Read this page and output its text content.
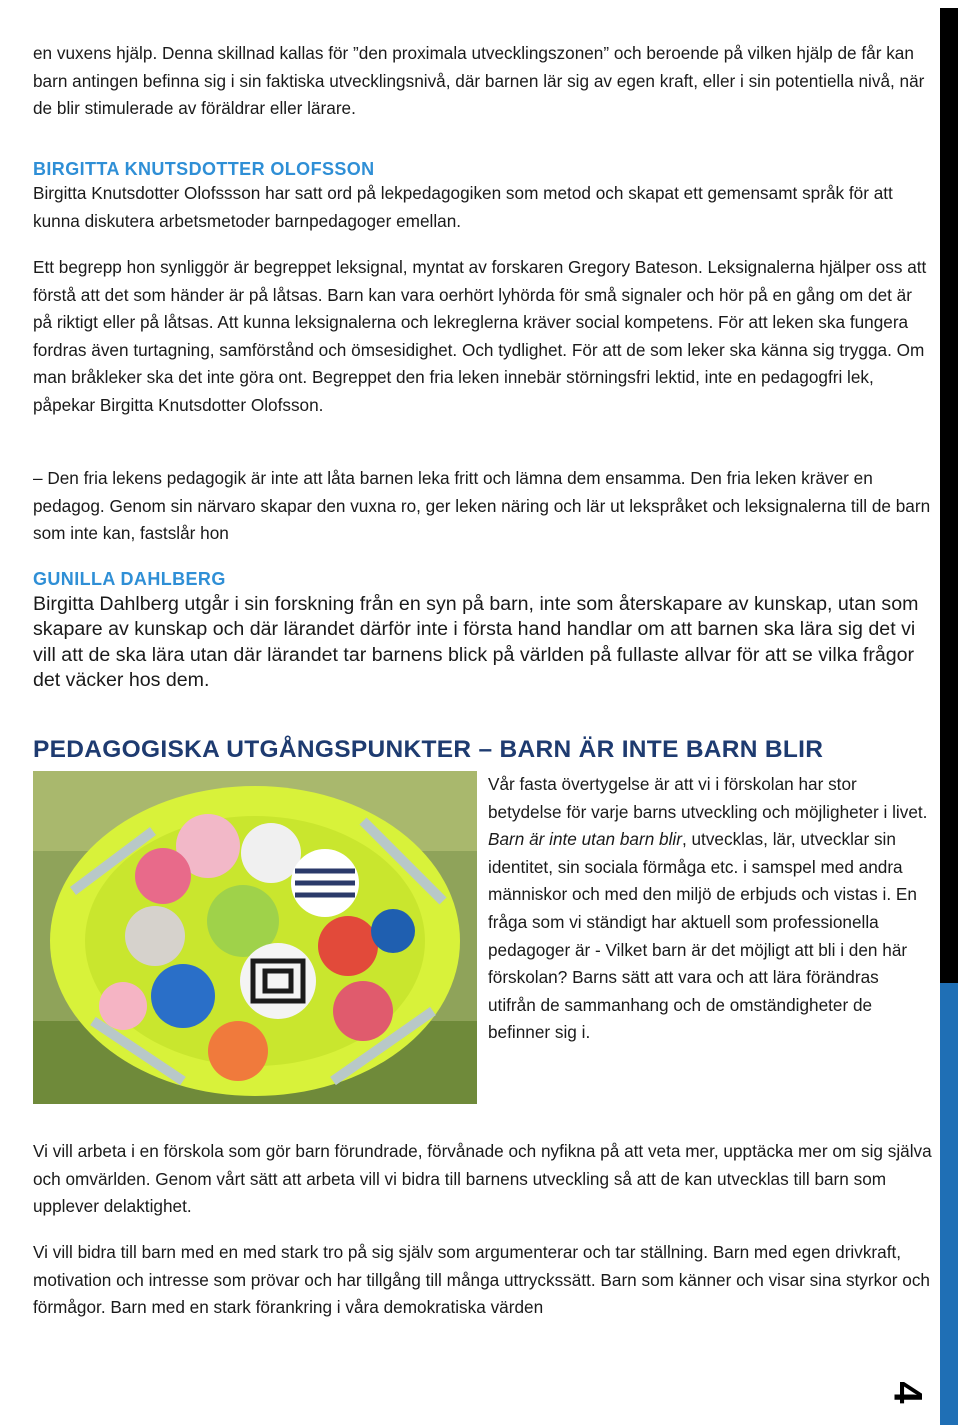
en vuxens hjälp. Denna skillnad kallas för ”den proximala utvecklingszonen” och beroende på vilken hjälp de får kan barn antingen befinna sig i sin faktiska utvecklingsnivå, där barnen lär sig av egen kraft, eller i sin potentiella nivå, när de blir stimulerade av föräldrar eller lärare.

BIRGITTA KNUTSDOTTER OLOFSSON

Birgitta Knutsdotter Olofssson har satt ord på lekpedagogiken som metod och skapat ett gemensamt språk för att kunna diskutera arbetsmetoder barnpedagoger emellan.

Ett begrepp hon synliggör är begreppet leksignal, myntat av forskaren Gregory Bateson. Leksignalerna hjälper oss att förstå att det som händer är på låtsas. Barn kan vara oerhört lyhörda för små signaler och hör på en gång om det är på riktigt eller på låtsas. Att kunna leksignalerna och lekreglerna kräver social kompetens. För att leken ska fungera fordras även turtagning, samförstånd och ömsesidighet. Och tydlighet. För att de som leker ska känna sig trygga. Om man bråkleker ska det inte göra ont. Begreppet den fria leken innebär störningsfri lektid, inte en pedagogfri lek, påpekar Birgitta Knutsdotter Olofsson.

– Den fria lekens pedagogik är inte att låta barnen leka fritt och lämna dem ensamma. Den fria leken kräver en pedagog. Genom sin närvaro skapar den vuxna ro, ger leken näring och lär ut lekspråket och leksignalerna till de barn som inte kan, fastslår hon

GUNILLA DAHLBERG

Birgitta Dahlberg utgår i sin forskning från en syn på barn, inte som återskapare av kunskap, utan som skapare av kunskap och där lärandet därför inte i första hand handlar om att barnen ska lära sig det vi vill att de ska lära utan där lärandet tar barnens blick på världen på fullaste allvar för att se vilka frågor det väcker hos dem.

PEDAGOGISKA UTGÅNGSPUNKTER – BARN ÄR INTE BARN BLIR

Vår fasta övertygelse är att vi i förskolan har stor betydelse för varje barns utveckling och möjligheter i livet. Barn är inte utan barn blir, utvecklas, lär, utvecklar sin identitet, sin sociala förmåga etc. i samspel med andra människor och med den miljö de erbjuds och vistas i. En fråga som vi ständigt har aktuell som professionella pedagoger är - Vilket barn är det möjligt att bli i den här förskolan? Barns sätt att vara och att lära förändras utifrån de sammanhang och de omständigheter de befinner sig i.

Vi vill arbeta i en förskola som gör barn förundrade, förvånade och nyfikna på att veta mer, upptäcka mer om sig själva och omvärlden. Genom vårt sätt att arbeta vill vi bidra till barnens utveckling så att de kan utvecklas till barn som upplever delaktighet.

Vi vill bidra till barn med en med stark tro på sig själv som argumenterar och tar ställning. Barn med egen drivkraft, motivation och intresse som prövar och har tillgång till många uttryckssätt. Barn som känner och visar sina styrkor och förmågor. Barn med en stark förankring i våra demokratiska värden

4
